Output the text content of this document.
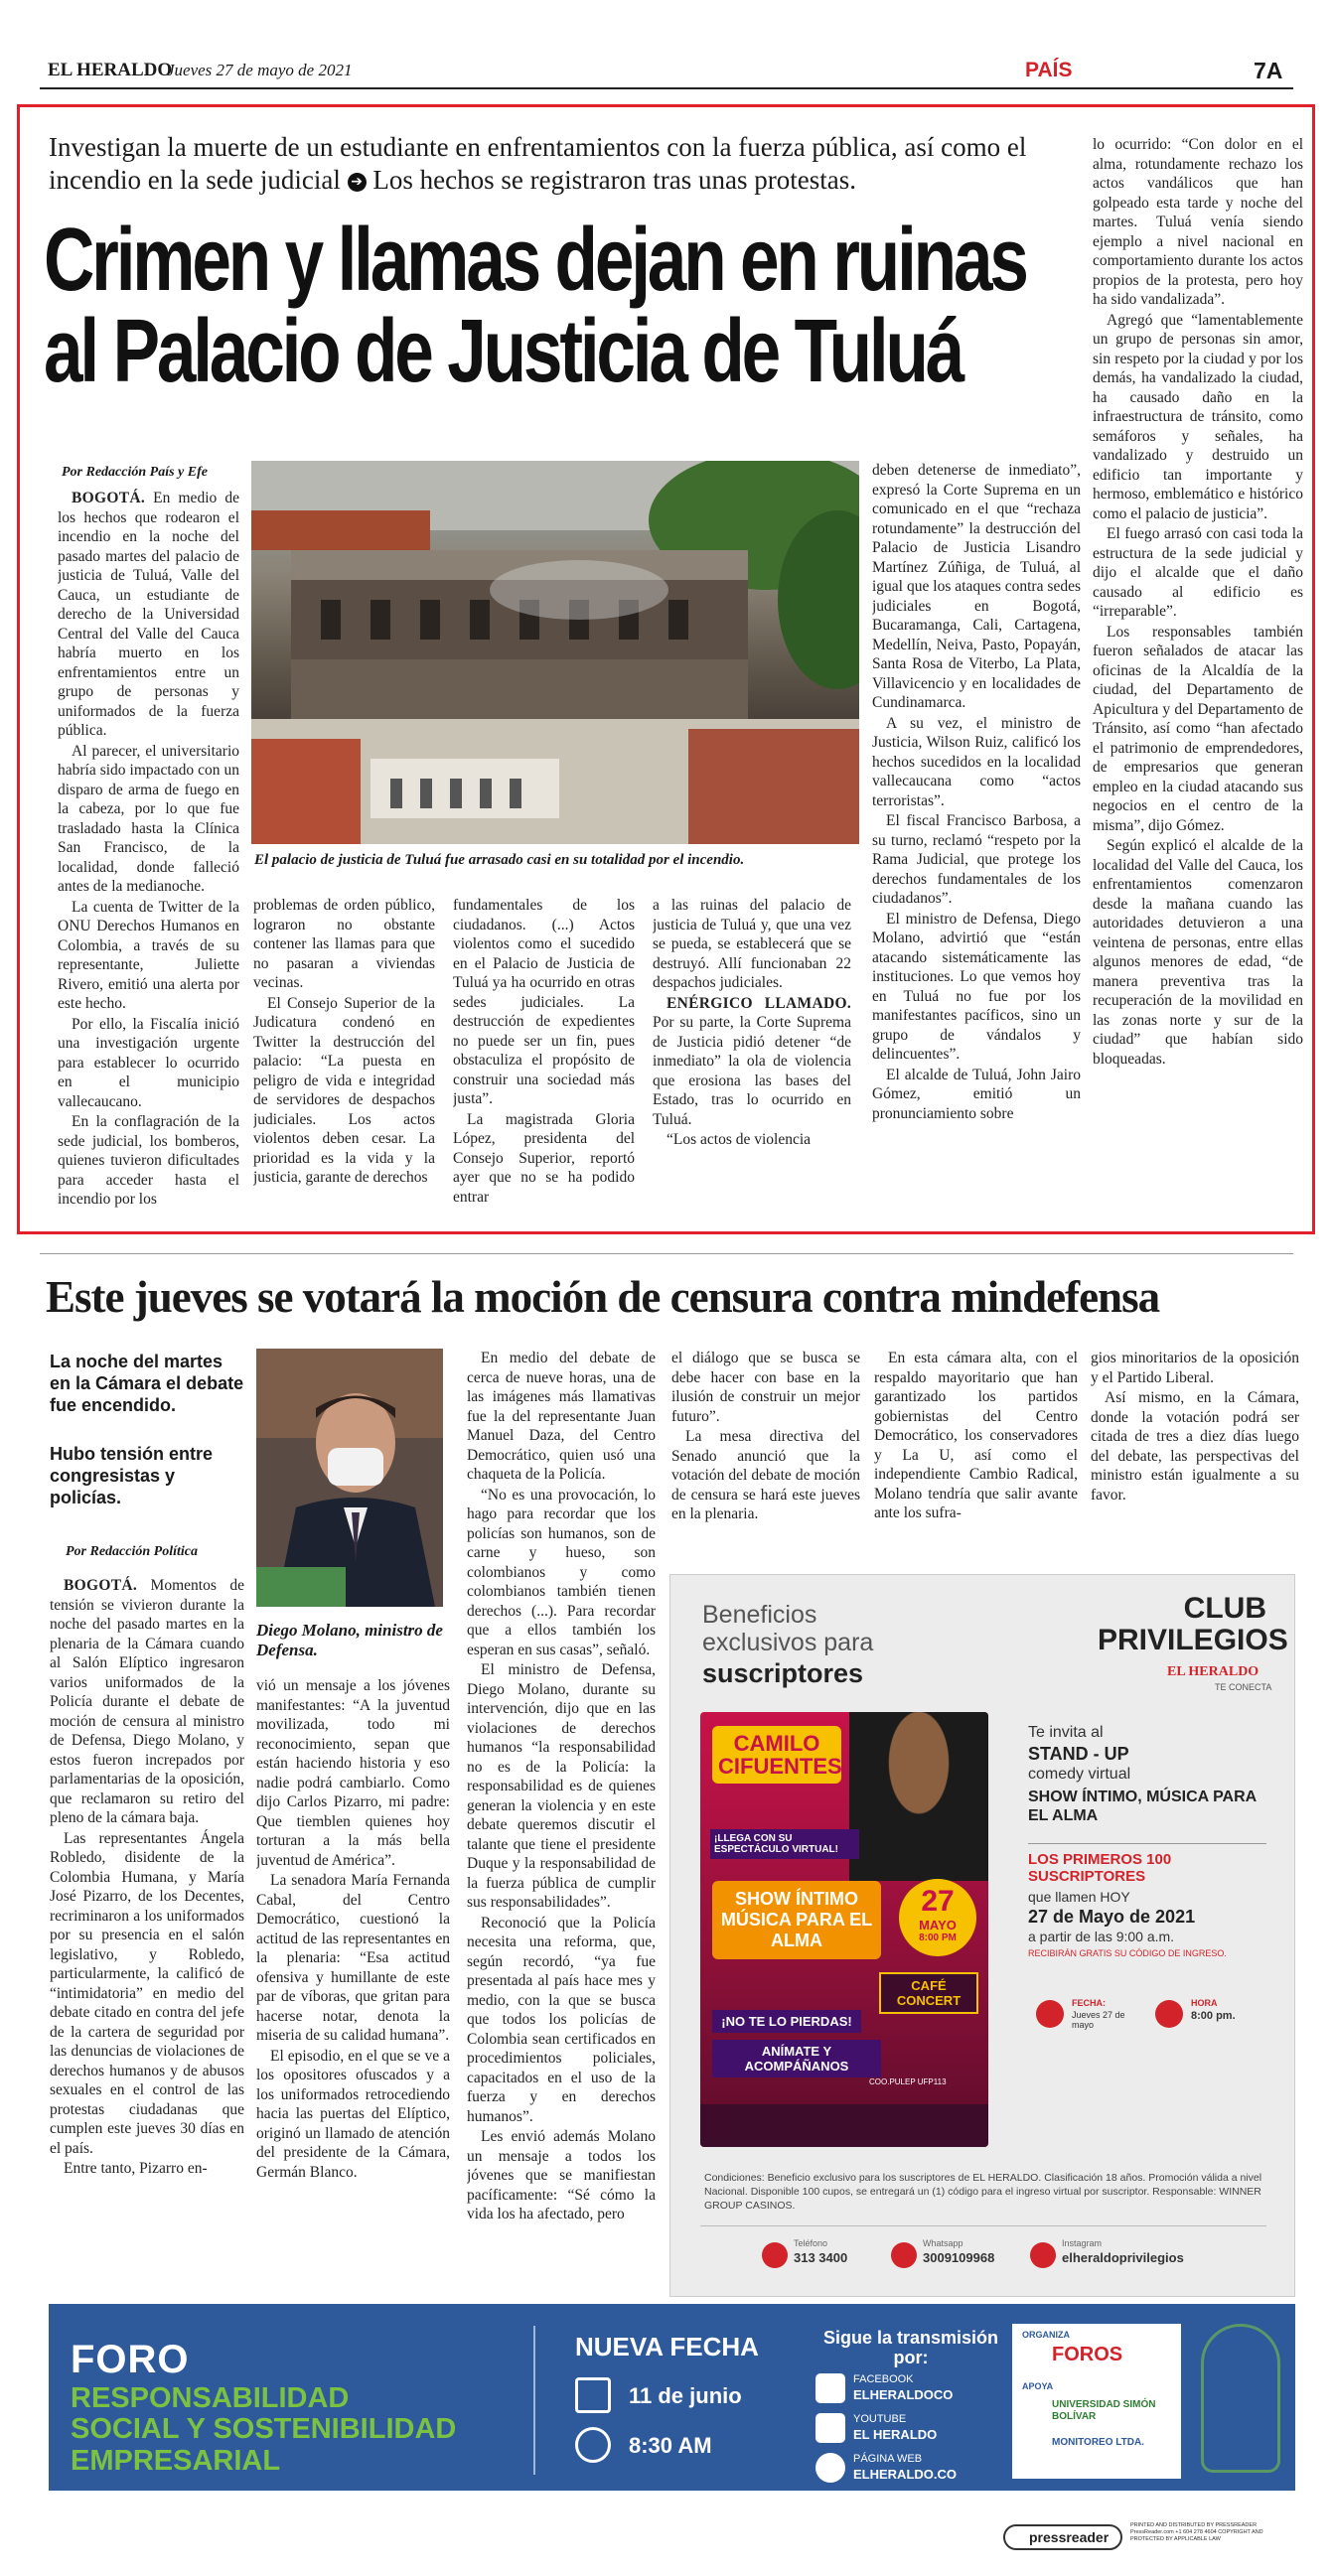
EL HERALDO
Jueves 27 de mayo de 2021	PAÍS	7A
Investigan la muerte de un estudiante en enfrentamientos con la fuerza pública, así como el incendio en la sede judicial ➔ Los hechos se registraron tras unas protestas.
Crimen y llamas dejan en ruinas
al Palacio de Justicia de Tuluá
Por Redacción País y Efe
El palacio de justicia de Tuluá fue arrasado casi en su totalidad por el incendio.

BOGOTÁ. En medio de los hechos que rodearon el incendio en la noche del pasado martes del palacio de justicia de Tuluá, Valle del Cauca, un estudiante de derecho de la Universidad Central del Valle del Cauca habría muerto en los enfrentamientos entre un grupo de personas y uniformados de la fuerza pública.

Al parecer, el universitario habría sido impactado con un disparo de arma de fuego en la cabeza, por lo que fue trasladado hasta la Clínica San Francisco, de la localidad, donde falleció antes de la medianoche.

La cuenta de Twitter de la ONU Derechos Humanos en Colombia, a través de su representante, Juliette Rivero, emitió una alerta por este hecho.

Por ello, la Fiscalía inició una investigación urgente para establecer lo ocurrido en el municipio vallecaucano.

En la conflagración de la sede judicial, los bomberos, quienes tuvieron dificultades para acceder hasta el incendio por los

problemas de orden público, lograron no obstante contener las llamas para que no pasaran a viviendas vecinas.

El Consejo Superior de la Judicatura condenó en Twitter la destrucción del palacio: “La puesta en peligro de vida e integridad de servidores de despachos judiciales. Los actos violentos deben cesar. La prioridad es la vida y la justicia, garante de derechos

fundamentales de los ciudadanos. (...) Actos violentos como el sucedido en el Palacio de Justicia de Tuluá ya ha ocurrido en otras sedes judiciales. La destrucción de expedientes no puede ser un fin, pues obstaculiza el propósito de construir una sociedad más justa”.

La magistrada Gloria López, presidenta del Consejo Superior, reportó ayer que no se ha podido entrar

a las ruinas del palacio de justicia de Tuluá y, que una vez se pueda, se establecerá que se destruyó. Allí funcionaban 22 despachos judiciales.

ENÉRGICO LLAMADO. Por su parte, la Corte Suprema de Justicia pidió detener “de inmediato” la ola de violencia que erosiona las bases del Estado, tras lo ocurrido en Tuluá.

“Los actos de violencia

deben detenerse de inmediato”, expresó la Corte Suprema en un comunicado en el que “rechaza rotundamente” la destrucción del Palacio de Justicia Lisandro Martínez Zúñiga, de Tuluá, al igual que los ataques contra sedes judiciales en Bogotá, Bucaramanga, Cali, Cartagena, Medellín, Neiva, Pasto, Popayán, Santa Rosa de Viterbo, La Plata, Villavicencio y en localidades de Cundinamarca.

A su vez, el ministro de Justicia, Wilson Ruiz, calificó los hechos sucedidos en la localidad vallecaucana como “actos terroristas”.

El fiscal Francisco Barbosa, a su turno, reclamó “respeto por la Rama Judicial, que protege los derechos fundamentales de los ciudadanos”.

El ministro de Defensa, Diego Molano, advirtió que “están atacando sistemáticamente las instituciones. Lo que vemos hoy en Tuluá no fue por los manifestantes pacíficos, sino un grupo de vándalos y delincuentes”.

El alcalde de Tuluá, John Jairo Gómez, emitió un pronunciamiento sobre

lo ocurrido: “Con dolor en el alma, rotundamente rechazo los actos vandálicos que han golpeado esta tarde y noche del martes. Tuluá venía siendo ejemplo a nivel nacional en comportamiento durante los actos propios de la protesta, pero hoy ha sido vandalizada”.

Agregó que “lamentablemente un grupo de personas sin amor, sin respeto por la ciudad y por los demás, ha vandalizado la ciudad, ha causado daño en la infraestructura de tránsito, como semáforos y señales, ha vandalizado y destruido un edificio tan importante y hermoso, emblemático e histórico como el palacio de justicia”.

El fuego arrasó con casi toda la estructura de la sede judicial y dijo el alcalde que el daño causado al edificio es “irreparable”.

Los responsables también fueron señalados de atacar las oficinas de la Alcaldía de la ciudad, del Departamento de Apicultura y del Departamento de Tránsito, así como “han afectado el patrimonio de emprendedores, de empresarios que generan empleo en la ciudad atacando sus negocios en el centro de la misma”, dijo Gómez.

Según explicó el alcalde de la localidad del Valle del Cauca, los enfrentamientos comenzaron desde la mañana cuando las autoridades detuvieron a una veintena de personas, entre ellas algunos menores de edad, “de manera preventiva tras la recuperación de la movilidad en las zonas norte y sur de la ciudad” que habían sido bloqueadas.

Este jueves se votará la moción de censura contra mindefensa
La noche del martes en la Cámara el debate fue encendido.
Hubo tensión entre congresistas y policías.
Por Redacción Política
Diego Molano, ministro de Defensa.

BOGOTÁ. Momentos de tensión se vivieron durante la noche del pasado martes en la plenaria de la Cámara cuando al Salón Elíptico ingresaron varios uniformados de la Policía durante el debate de moción de censura al ministro de Defensa, Diego Molano, y estos fueron increpados por parlamentarias de la oposición, que reclamaron su retiro del pleno de la cámara baja.

Las representantes Ángela Robledo, disidente de la Colombia Humana, y María José Pizarro, de los Decentes, recriminaron a los uniformados por su presencia en el salón legislativo, y Robledo, particularmente, la calificó de “intimidatoria” en medio del debate citado en contra del jefe de la cartera de seguridad por las denuncias de violaciones de derechos humanos y de abusos sexuales en el control de las protestas ciudadanas que cumplen este jueves 30 días en el país.

Entre tanto, Pizarro en-

vió un mensaje a los jóvenes manifestantes: “A la juventud movilizada, todo mi reconocimiento, sepan que están haciendo historia y eso nadie podrá cambiarlo. Como dijo Carlos Pizarro, mi padre: Que tiemblen quienes hoy torturan a la más bella juventud de América”.

La senadora María Fernanda Cabal, del Centro Democrático, cuestionó la actitud de las representantes en la plenaria: “Esa actitud ofensiva y humillante de este par de víboras, que gritan para hacerse notar, denota la miseria de su calidad humana”.

El episodio, en el que se ve a los opositores ofuscados y a los uniformados retrocediendo hacia las puertas del Elíptico, originó un llamado de atención del presidente de la Cámara, Germán Blanco.

En medio del debate de cerca de nueve horas, una de las imágenes más llamativas fue la del representante Juan Manuel Daza, del Centro Democrático, quien usó una chaqueta de la Policía.

“No es una provocación, lo hago para recordar que los policías son humanos, son de carne y hueso, son colombianos y como colombianos también tienen derechos (...). Para recordar que a ellos también los esperan en sus casas”, señaló.

El ministro de Defensa, Diego Molano, durante su intervención, dijo que en las violaciones de derechos humanos “la responsabilidad no es de la Policía: la responsabilidad es de quienes generan la violencia y en este debate queremos discutir el talante que tiene el presidente Duque y la responsabilidad de la fuerza pública de cumplir sus responsabilidades”.

Reconoció que la Policía necesita una reforma, que, según recordó, “ya fue presentada al país hace mes y medio, con la que se busca que todos los policías de Colombia sean certificados en procedimientos policiales, capacitados en el uso de la fuerza y en derechos humanos”.

Les envió además Molano un mensaje a todos los jóvenes que se manifiestan pacíficamente: “Sé cómo la vida los ha afectado, pero

el diálogo que se busca se debe hacer con base en la ilusión de construir un mejor futuro”.

La mesa directiva del Senado anunció que la votación del debate de moción de censura se hará este jueves en la plenaria.

En esta cámara alta, con el respaldo mayoritario que han garantizado los partidos gobiernistas del Centro Democrático, los conservadores y La U, así como el independiente Cambio Radical, Molano tendría que salir avante ante los sufra-

gios minoritarios de la oposición y el Partido Liberal.

Así mismo, en la Cámara, donde la votación podrá ser citada de tres a diez días luego del debate, las perspectivas del ministro están igualmente a su favor.

Beneficios exclusivos para
suscriptores
CLUB PRIVILEGIOS
EL HERALDO
TE CONECTA
CAMILO CIFUENTES
¡LLEGA CON SU ESPECTÁCULO VIRTUAL!
SHOW ÍNTIMO MÚSICA PARA EL ALMA
27
MAYO
8:00 PM
CAFÉ CONCERT
¡NO TE LO PIERDAS!
ANÍMATE Y ACOMPÁÑANOS
COO.PULEP UFP113
Te invita al
STAND - UP
comedy virtual
SHOW ÍNTIMO, MÚSICA PARA EL ALMA
LOS PRIMEROS 100 SUSCRIPTORES
que llamen HOY
27 de Mayo de 2021
a partir de las 9:00 a.m.
RECIBIRÁN GRATIS SU CÓDIGO DE INGRESO.
FECHA:
Jueves 27 de mayo
HORA
8:00 pm.
Condiciones: Beneficio exclusivo para los suscriptores de EL HERALDO. Clasificación 18 años. Promoción válida a nivel Nacional. Disponible 100 cupos, se entregará un (1) código para el ingreso virtual por suscriptor. Responsable: WINNER GROUP CASINOS.
Teléfono
313 3400
Whatsapp
3009109968
Instagram
elheraldoprivilegios
FORO
RESPONSABILIDAD
SOCIAL Y SOSTENIBILIDAD
EMPRESARIAL
NUEVA FECHA
11 de junio
8:30 AM
Sigue la transmisión por:
FACEBOOK
ELHERALDOCO
YOUTUBE
EL HERALDO
PÁGINA WEB
ELHERALDO.CO
ORGANIZA
FOROS
APOYA
UNIVERSIDAD SIMÓN BOLÍVAR
MONITOREO LTDA.
pressreader
PRINTED AND DISTRIBUTED BY PRESSREADER PressReader.com +1 604 278 4604 COPYRIGHT AND PROTECTED BY APPLICABLE LAW
